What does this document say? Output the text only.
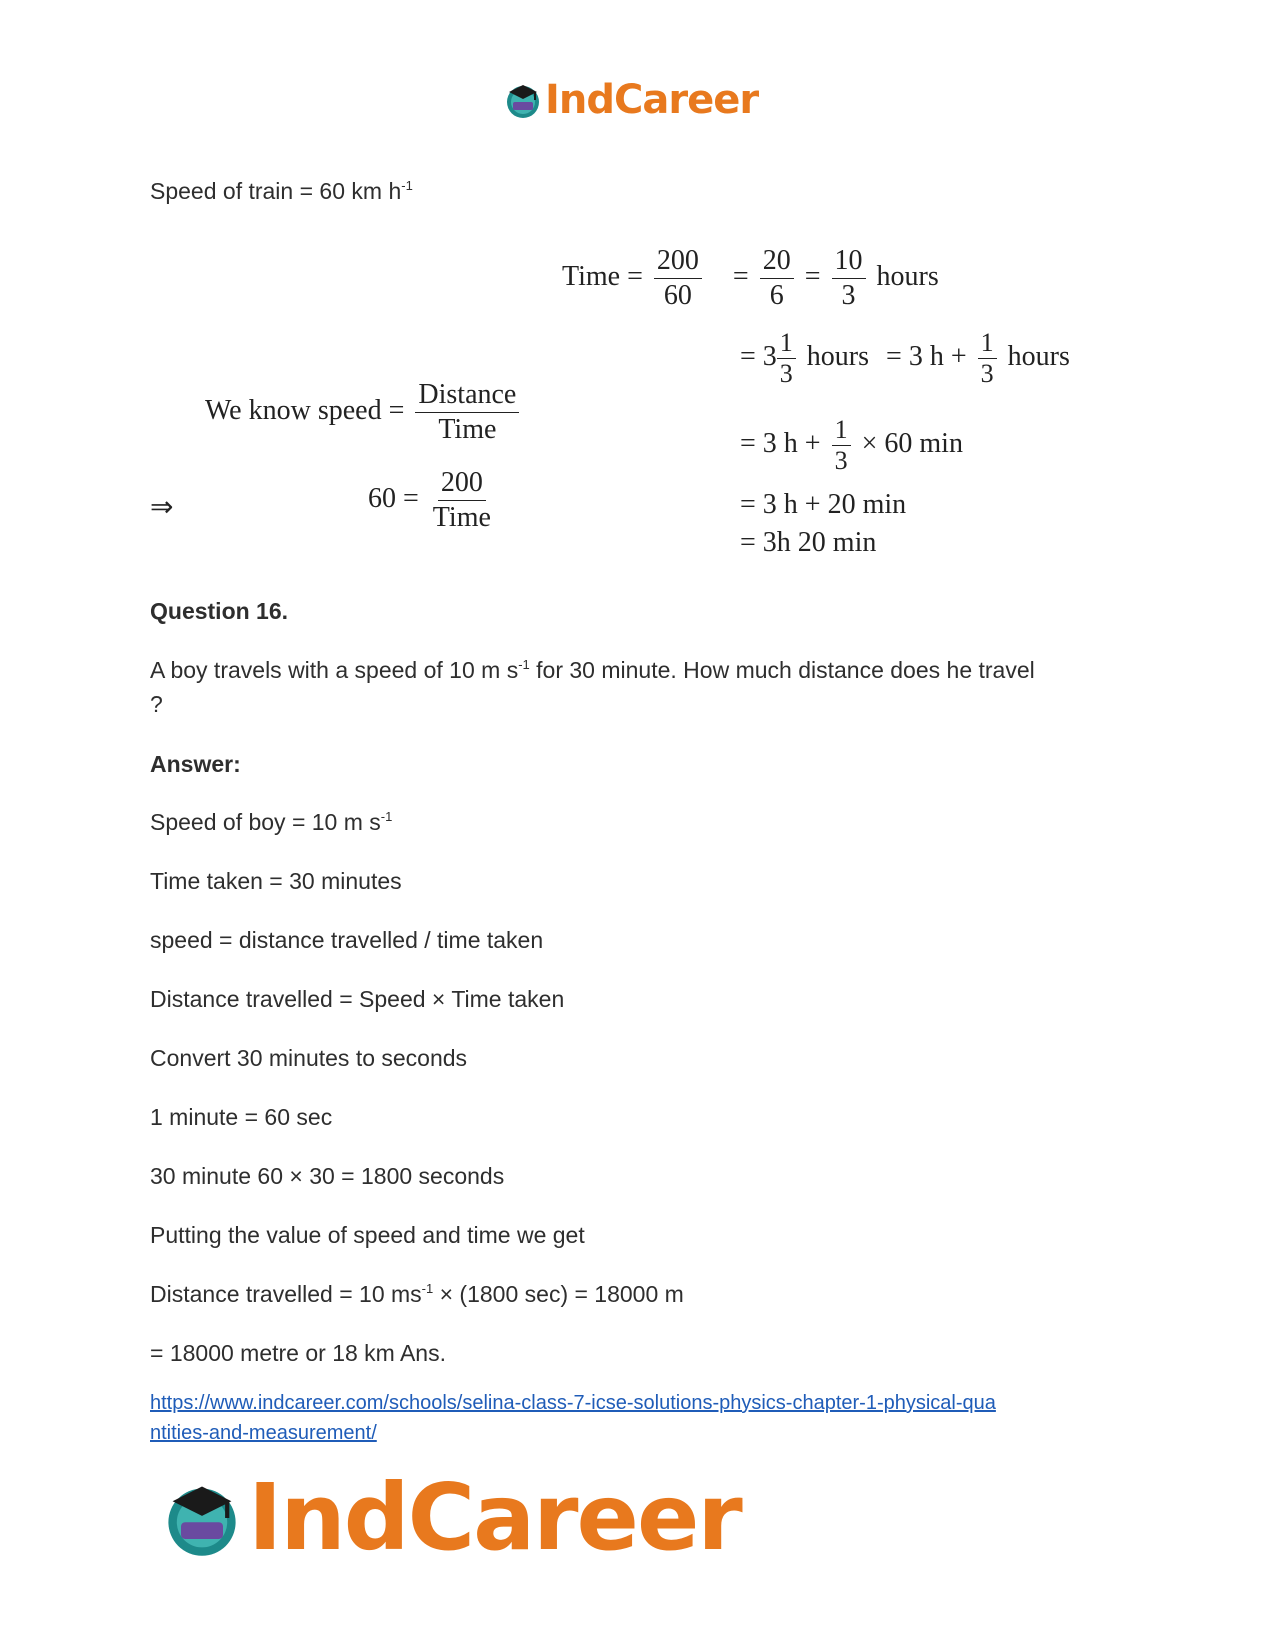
IndCareer
Speed of train = 60 km $h^{-1}$
Time = $\frac{200}{60} = \frac{20}{6} = \frac{10}{3}$ hours
= $3 \frac{1}{3}$ hours = 3 $h + \frac{1}{3}$ hours
We know speed = $\frac{\text{Distance}}{\text{Time}}$	= 3 $h + \frac{1}{3} \times 60$ min
⇒	$60 = \frac{200}{\text{Time}}$	= 3 h + 20 min
= 3h 20 min
Question 16.
A boy travels with a speed of 10 m $s^{-1}$ for 30 minute. How much distance does he travel
?
Answer:
Speed of boy = 10 m $s^{-1}$
Time taken = 30 minutes
speed = distance travelled / time taken
Distance travelled = Speed × Time taken
Convert 30 minutes to seconds
1 minute = 60 sec
30 minute 60 × 30 = 1800 seconds
Putting the value of speed and time we get
Distance travelled = 10 $ms^{-1} \times (1800$ sec) = 18000 m
= 18000 metre or 18 km Ans.
https://www.indcareer.com/schools/selina-class-7-icse-solutions-physics-chapter-1-physical-qua
ntities-and-measurement/
IndCareer
